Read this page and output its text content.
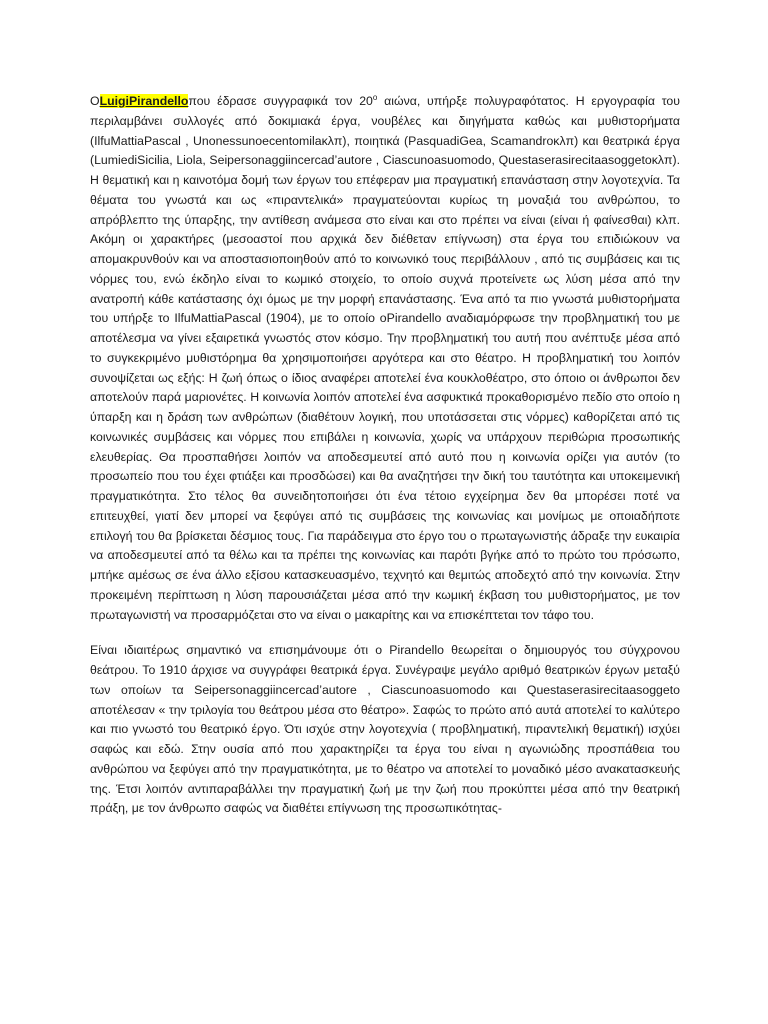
ΟLuigiPirandelloπου έδρασε συγγραφικά τον $20^o$ αιώνα, υπήρξε πολυγραφότατος. Η εργογραφία του περιλαμβάνει συλλογές από δοκιμιακά έργα, νουβέλες και διηγήματα καθώς και μυθιστορήματα (IlfuMattiaPascal , Unonessunoecentomilaκλπ), ποιητικά (PasquadiGea, Scamandroκλπ) και θεατρικά έργα (LumiediSicilia, Liola, Seipersonaggiincercad’autore , Ciascunoasuomodo, Questaserasirecitaasoggetoκλπ). Η θεματική και η καινοτόμα δομή των έργων του επέφεραν μια πραγματική επανάσταση στην λογοτεχνία. Τα θέματα του γνωστά και ως «πιραντελικά» πραγματεύονται κυρίως τη μοναξιά του ανθρώπου, το απρόβλεπτο της ύπαρξης, την αντίθεση ανάμεσα στο είναι και στο πρέπει να είναι (είναι ή φαίνεσθαι) κλπ. Ακόμη οι χαρακτήρες (μεσοαστοί που αρχικά δεν διέθεταν επίγνωση) στα έργα του επιδιώκουν να απομακρυνθούν και να αποστασιοποιηθούν από το κοινωνικό τους περιβάλλουν , από τις συμβάσεις και τις νόρμες του, ενώ έκδηλο είναι το κωμικό στοιχείο, το οποίο συχνά προτείνετε ως λύση μέσα από την ανατροπή κάθε κατάστασης όχι όμως με την μορφή επανάστασης. Ένα από τα πιο γνωστά μυθιστορήματα του υπήρξε το IlfuMattiaPascal (1904), με το οποίο οPirandello αναδιαμόρφωσε την προβληματική του με αποτέλεσμα να γίνει εξαιρετικά γνωστός στον κόσμο. Την προβληματική του αυτή που ανέπτυξε μέσα από το συγκεκριμένο μυθιστόρημα θα χρησιμοποιήσει αργότερα και στο θέατρο. Η προβληματική του λοιπόν συνοψίζεται ως εξής: Η ζωή όπως ο ίδιος αναφέρει αποτελεί ένα κουκλοθέατρο, στο όποιο οι άνθρωποι δεν αποτελούν παρά μαριονέτες. Η κοινωνία λοιπόν αποτελεί ένα ασφυκτικά προκαθορισμένο πεδίο στο οποίο η ύπαρξη και η δράση των ανθρώπων (διαθέτουν λογική, που υποτάσσεται στις νόρμες) καθορίζεται από τις κοινωνικές συμβάσεις και νόρμες που επιβάλει η κοινωνία, χωρίς να υπάρχουν περιθώρια προσωπικής ελευθερίας. Θα προσπαθήσει λοιπόν να αποδεσμευτεί από αυτό που η κοινωνία ορίζει για αυτόν (το προσωπείο που του έχει φτιάξει και προσδώσει) και θα αναζητήσει την δική του ταυτότητα και υποκειμενική πραγματικότητα. Στο τέλος θα συνειδητοποιήσει ότι ένα τέτοιο εγχείρημα δεν θα μπορέσει ποτέ να επιτευχθεί, γιατί δεν μπορεί να ξεφύγει από τις συμβάσεις της κοινωνίας και μονίμως με οποιαδήποτε επιλογή του θα βρίσκεται δέσμιος τους. Για παράδειγμα στο έργο του ο πρωταγωνιστής άδραξε την ευκαιρία να αποδεσμευτεί από τα θέλω και τα πρέπει της κοινωνίας και παρότι βγήκε από το πρώτο του πρόσωπο, μπήκε αμέσως σε ένα άλλο εξίσου κατασκευασμένο, τεχνητό και θεμιτώς αποδεχτό από την κοινωνία. Στην προκειμένη περίπτωση η λύση παρουσιάζεται μέσα από την κωμική έκβαση του μυθιστορήματος, με τον πρωταγωνιστή να προσαρμόζεται στο να είναι ο μακαρίτης και να επισκέπτεται τον τάφο του.

Είναι ιδιαιτέρως σημαντικό να επισημάνουμε ότι ο Pirandello θεωρείται ο δημιουργός του σύγχρονου θεάτρου. Το 1910 άρχισε να συγγράφει θεατρικά έργα. Συνέγραψε μεγάλο αριθμό θεατρικών έργων μεταξύ των οποίων τα Seipersonaggiincercad’autore , Ciascunoasuomodo και Questaserasirecitaasoggeto αποτέλεσαν « την τριλογία του θεάτρου μέσα στο θέατρο». Σαφώς το πρώτο από αυτά αποτελεί το καλύτερο και πιο γνωστό του θεατρικό έργο. Ότι ισχύε στην λογοτεχνία ( προβληματική, πιραντελική θεματική) ισχύει σαφώς και εδώ. Στην ουσία από που χαρακτηρίζει τα έργα του είναι η αγωνιώδης προσπάθεια του ανθρώπου να ξεφύγει από την πραγματικότητα, με το θέατρο να αποτελεί το μοναδικό μέσο ανακατασκευής της. Έτσι λοιπόν αντιπαραβάλλει την πραγματική ζωή με την ζωή που προκύπτει μέσα από την θεατρική πράξη, με τον άνθρωπο σαφώς να διαθέτει επίγνωση της προσωπικότητας-
